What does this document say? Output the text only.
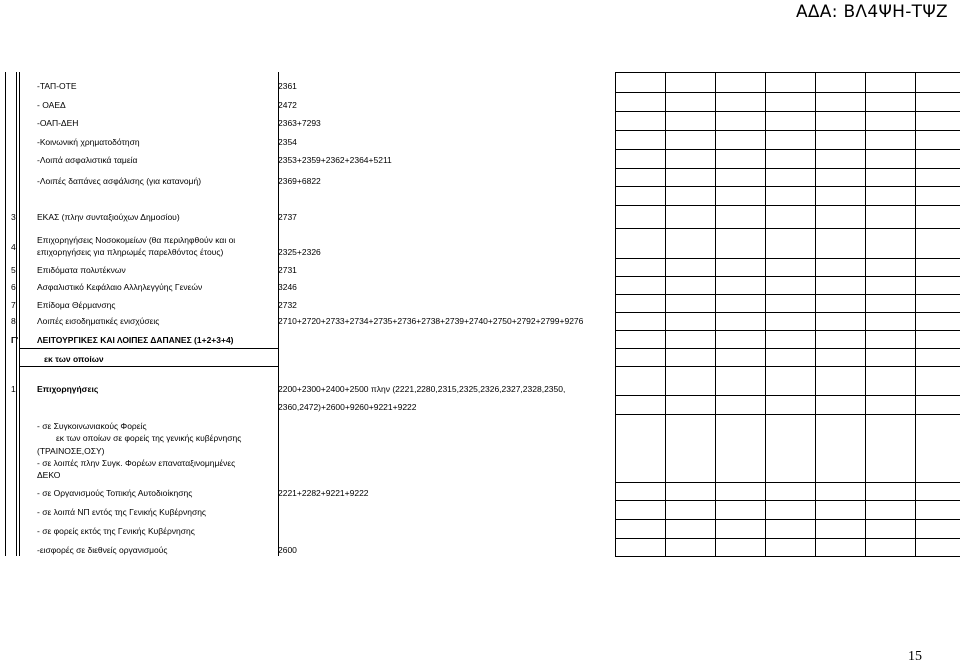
ΑΔΑ: ΒΛ4ΨΗ-ΤΨΖ
-ΤΑΠ-ΟΤΕ	2361
- ΟΑΕΔ	2472
-ΟΑΠ-ΔΕΗ	2363+7293
-Κοινωνική χρηματοδότηση	2354
-Λοιπά ασφαλιστικά ταμεία	2353+2359+2362+2364+5211
-Λοιπές δαπάνες ασφάλισης (για κατανομή)	2369+6822
3	ΕΚΑΣ (πλην συνταξιούχων Δημοσίου)	2737
4
Επιχορηγήσεις Νοσοκομείων (θα περιληφθούν και οι
επιχορηγήσεις για πληρωμές παρελθόντος έτους)	2325+2326
5	Επιδόματα πολυτέκνων	2731
6	Ασφαλιστικό Κεφάλαιο Αλληλεγγύης Γενεών	3246
7	Επίδομα Θέρμανσης	2732
8	Λοιπές εισοδηματικές ενισχύσεις	2710+2720+2733+2734+2735+2736+2738+2739+2740+2750+2792+2799+9276
Γ' ΛΕΙΤΟΥΡΓΙΚΕΣ ΚΑΙ ΛΟΙΠΕΣ ΔΑΠΑΝΕΣ (1+2+3+4)
εκ των οποίων
1	Επιχορηγήσεις	2200+2300+2400+2500 πλην (2221,2280,2315,2325,2326,2327,2328,2350,
2360,2472)+2600+9260+9221+9222
- σε Συγκοινωνιακούς Φορείς
εκ των οποίων σε φορείς της γενικής κυβέρνησης
(ΤΡΑΙΝΟΣΕ,ΟΣΥ)
- σε λοιπές πλην Συγκ. Φορέων επαναταξινομημένες
ΔΕΚΟ
- σε Οργανισμούς Τοπικής Αυτοδιοίκησης	2221+2282+9221+9222
- σε λοιπά ΝΠ εντός της Γενικής Κυβέρνησης
- σε φορείς εκτός της Γενικής Κυβέρνησης
-εισφορές σε διεθνείς οργανισμούς	2600
15
